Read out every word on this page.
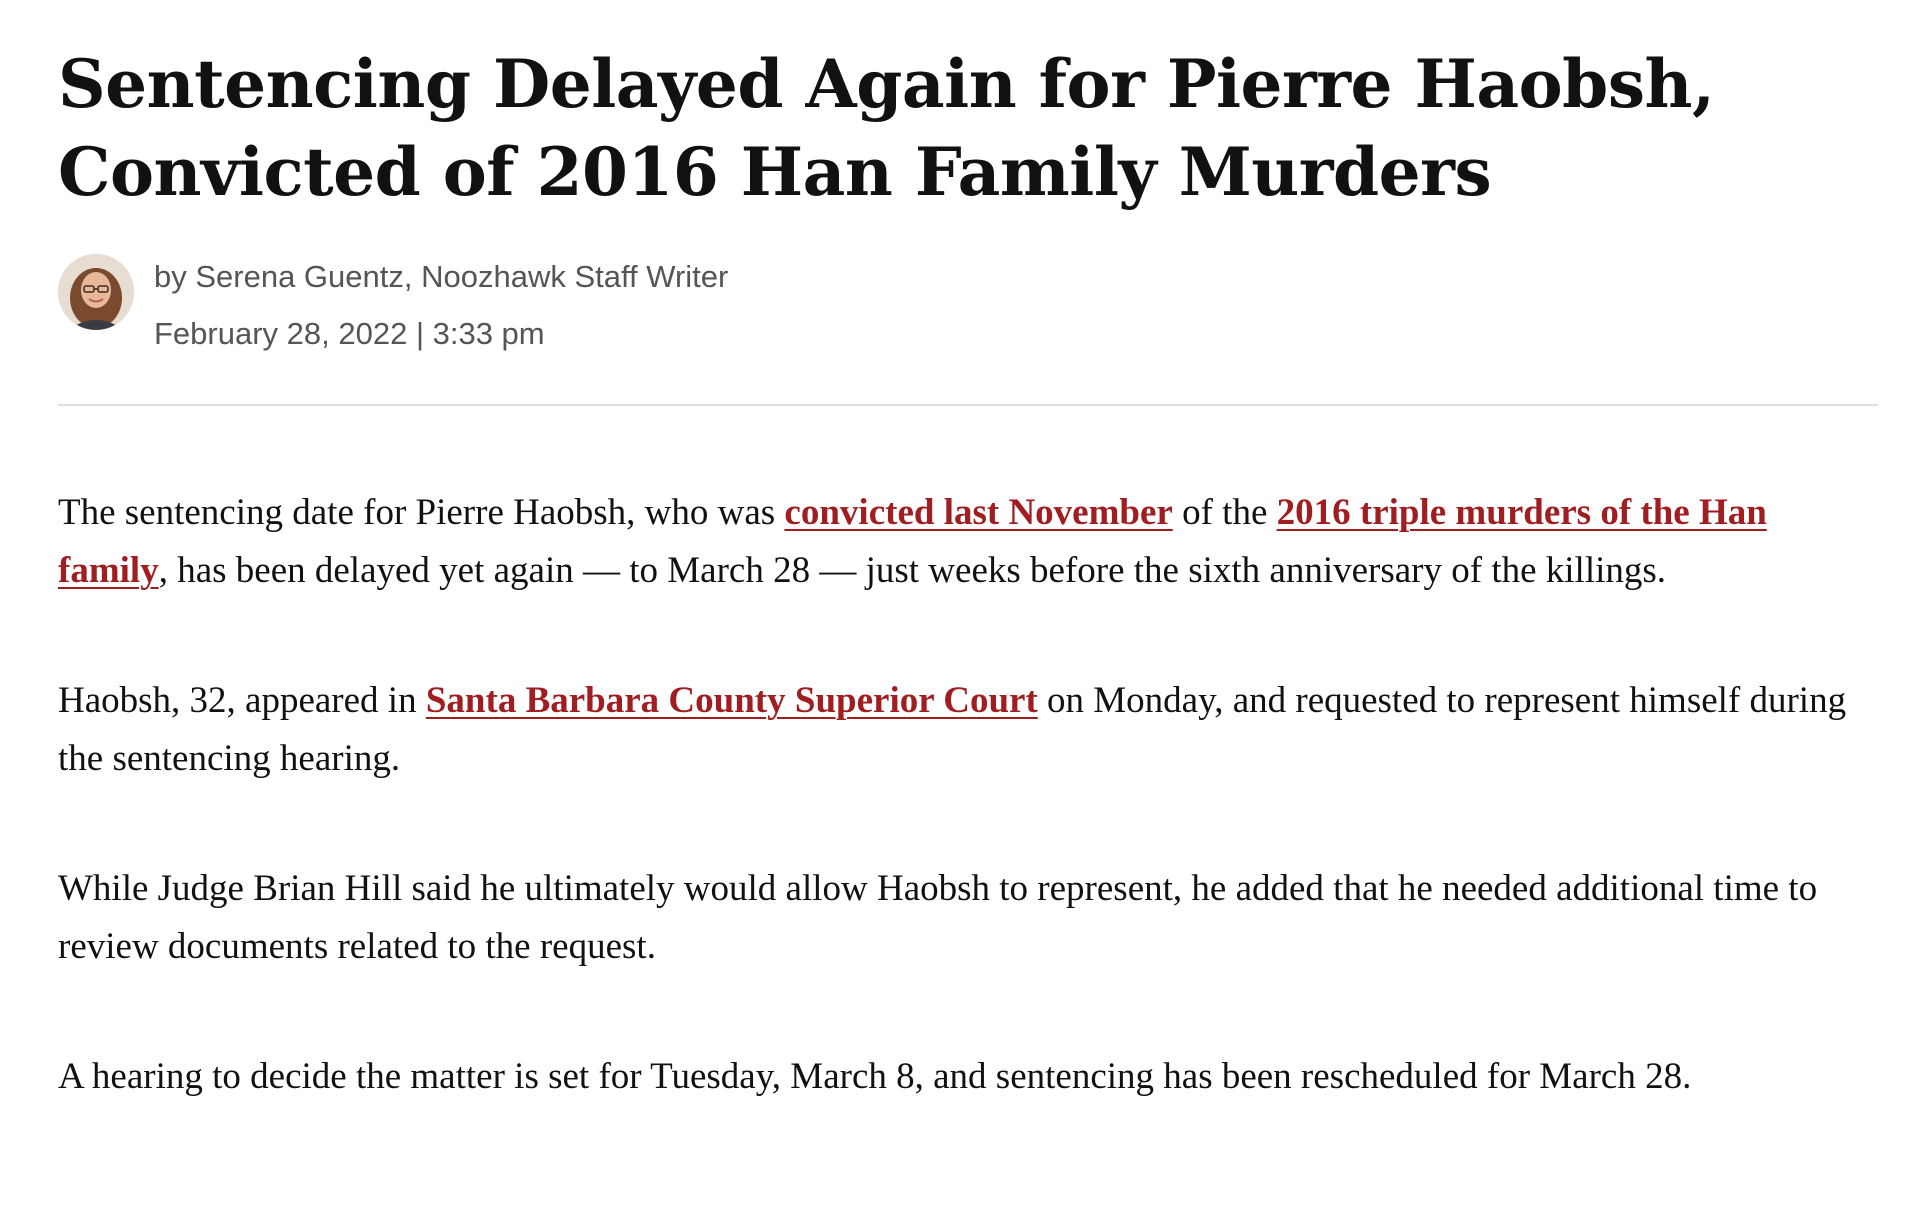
Sentencing Delayed Again for Pierre Haobsh, Convicted of 2016 Han Family Murders
by Serena Guentz, Noozhawk Staff Writer
February 28, 2022 | 3:33 pm

The sentencing date for Pierre Haobsh, who was convicted last November of the 2016 triple murders of the Han family, has been delayed yet again — to March 28 — just weeks before the sixth anniversary of the killings.

Haobsh, 32, appeared in Santa Barbara County Superior Court on Monday, and requested to represent himself during the sentencing hearing.

While Judge Brian Hill said he ultimately would allow Haobsh to represent, he added that he needed additional time to review documents related to the request.

A hearing to decide the matter is set for Tuesday, March 8, and sentencing has been rescheduled for March 28.
